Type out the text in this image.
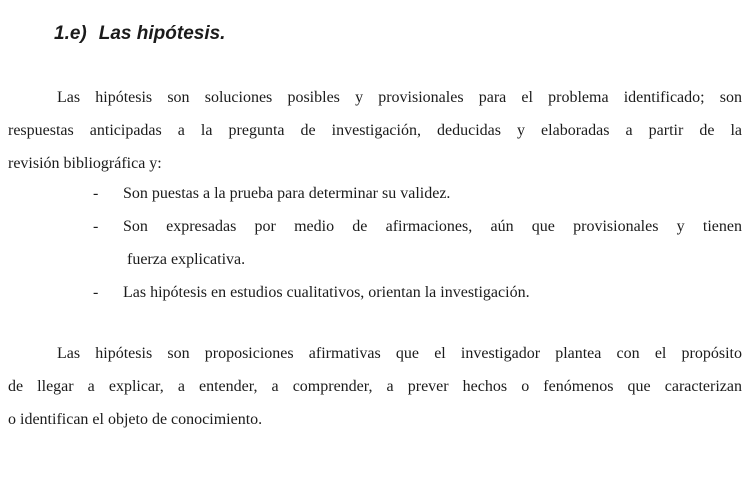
1.e) Las hipótesis.
Las hipótesis son soluciones posibles y provisionales para el problema identificado; son
respuestas anticipadas a la pregunta de investigación, deducidas y elaboradas a partir de la
revisión bibliográfica y:
-	Son puestas a la prueba para determinar su validez.
-	Son expresadas por medio de afirmaciones, aún que provisionales y tienen
fuerza explicativa.
-	Las hipótesis en estudios cualitativos, orientan la investigación.
Las hipótesis son proposiciones afirmativas que el investigador plantea con el propósito
de llegar a explicar, a entender, a comprender, a prever hechos o fenómenos que caracterizan
o identifican el objeto de conocimiento.
